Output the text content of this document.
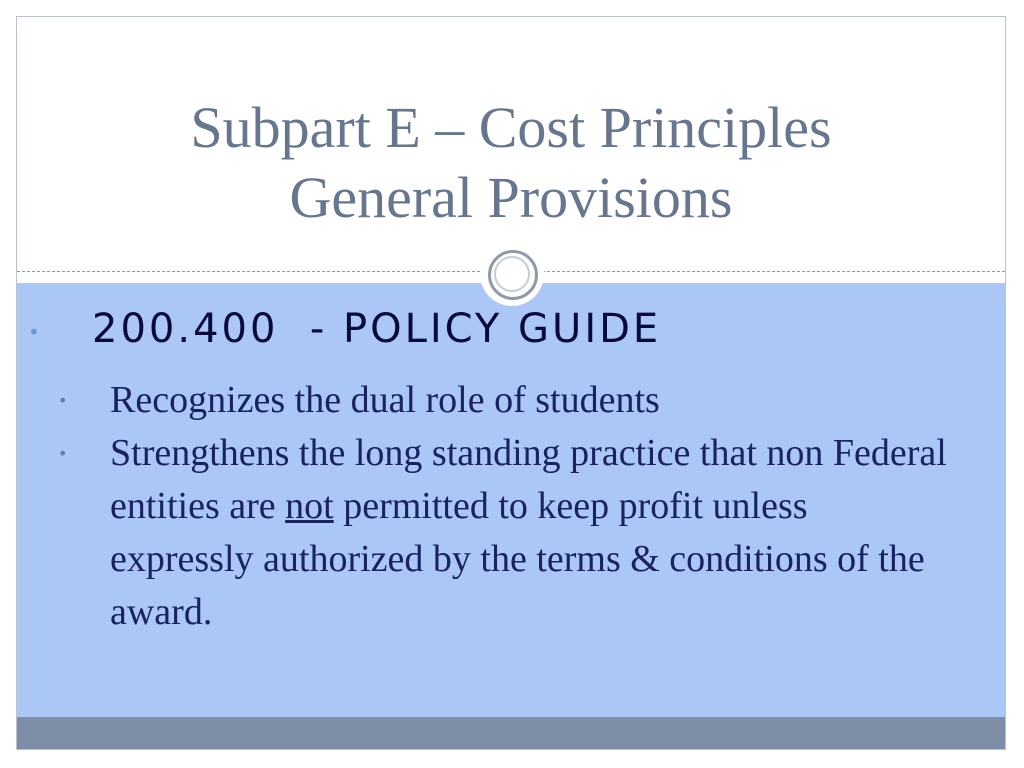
Subpart E – Cost Principles
General Provisions
• 200.400  - POLICY GUIDE
• Recognizes the dual role of students
• Strengthens the long standing practice that non Federal entities are not permitted to keep profit unless expressly authorized by the terms & conditions of the award.
